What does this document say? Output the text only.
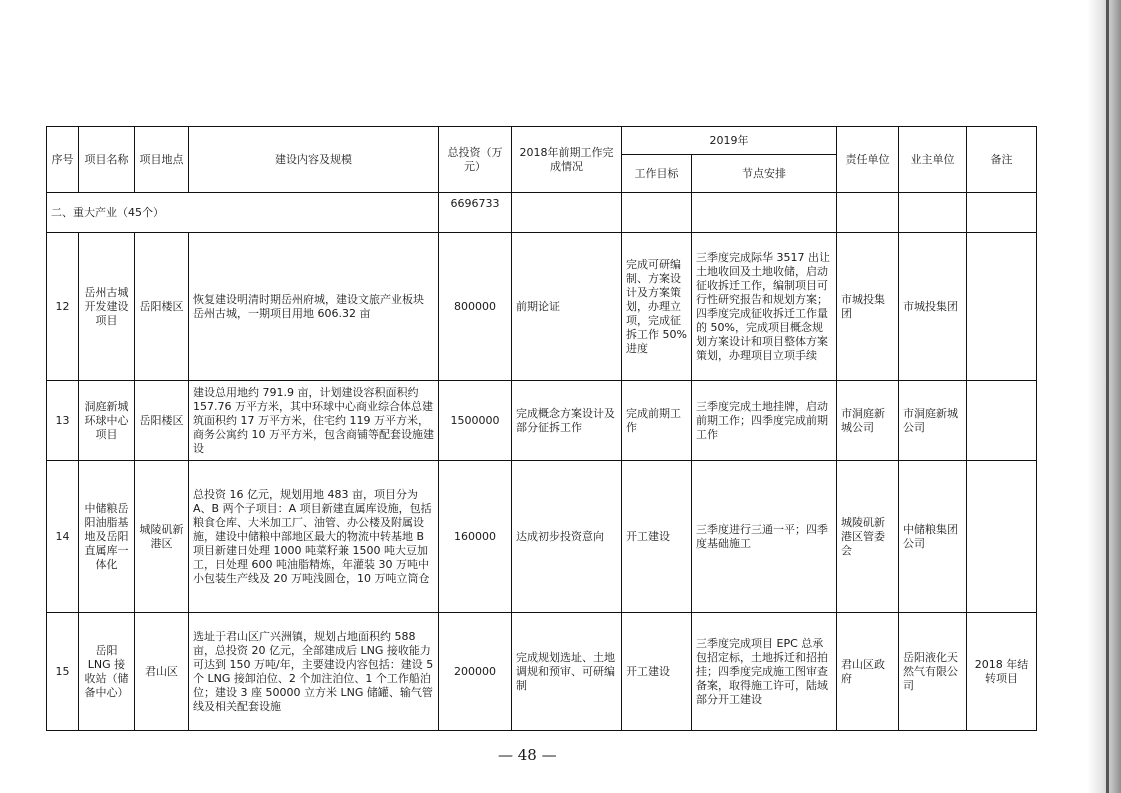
序号	项目名称	项目地点	建设内容及规模	总投资（万元）	2018年前期工作完成情况	2019年		责任单位	业主单位	备注
						工作目标	节点安排			
二、重大产业（45个）				6696733						
12	岳州古城开发建设项目	岳阳楼区	恢复建设明清时期岳州府城，建设文旅产业板块岳州古城，一期项目用地 606.32 亩	800000	前期论证	完成可研编制、方案设计及方案策划，办理立项，完成征拆工作 50% 进度	三季度完成际华 3517 出让土地收回及土地收储，启动征收拆迁工作，编制项目可行性研究报告和规划方案；四季度完成征收拆迁工作量的 50%，完成项目概念规划方案设计和项目整体方案策划，办理项目立项手续	市城投集团	市城投集团	
13	洞庭新城环球中心项目	岳阳楼区	建设总用地约 791.9 亩，计划建设容积面积约 157.76 万平方米，其中环球中心商业综合体总建筑面积约 17 万平方米，住宅约 119 万平方米，商务公寓约 10 万平方米，包含商铺等配套设施建设	1500000	完成概念方案设计及部分征拆工作	完成前期工作	三季度完成土地挂牌，启动前期工作；四季度完成前期工作	市洞庭新城公司	市洞庭新城公司	
14	中储粮岳阳油脂基地及岳阳直属库一体化	城陵矶新港区	总投资 16 亿元，规划用地 483 亩，项目分为 A、B 两个子项目：A 项目新建直属库设施，包括粮食仓库、大米加工厂、油管、办公楼及附属设施，建设中储粮中部地区最大的物流中转基地 B 项目新建日处理 1000 吨菜籽兼 1500 吨大豆加工，日处理 600 吨油脂精炼，年灌装 30 万吨中小包装生产线及 20 万吨浅圆仓，10 万吨立筒仓	160000	达成初步投资意向	开工建设	三季度进行三通一平；四季度基础施工	城陵矶新港区管委会	中储粮集团公司	
15	岳阳 LNG 接收站（储备中心）	君山区	选址于君山区广兴洲镇，规划占地面积约 588 亩，总投资 20 亿元，全部建成后 LNG 接收能力可达到 150 万吨/年，主要建设内容包括：建设 5 个 LNG 接卸泊位、2 个加注泊位、1 个工作船泊位；建设 3 座 50000 立方米 LNG 储罐、输气管线及相关配套设施	200000	完成规划选址、土地调规和预审、可研编制	开工建设	三季度完成项目 EPC 总承包招定标，土地拆迁和招拍挂；四季度完成施工图审查备案，取得施工许可，陆域部分开工建设	君山区政府	岳阳液化天然气有限公司	2018 年结转项目
— 48 —
